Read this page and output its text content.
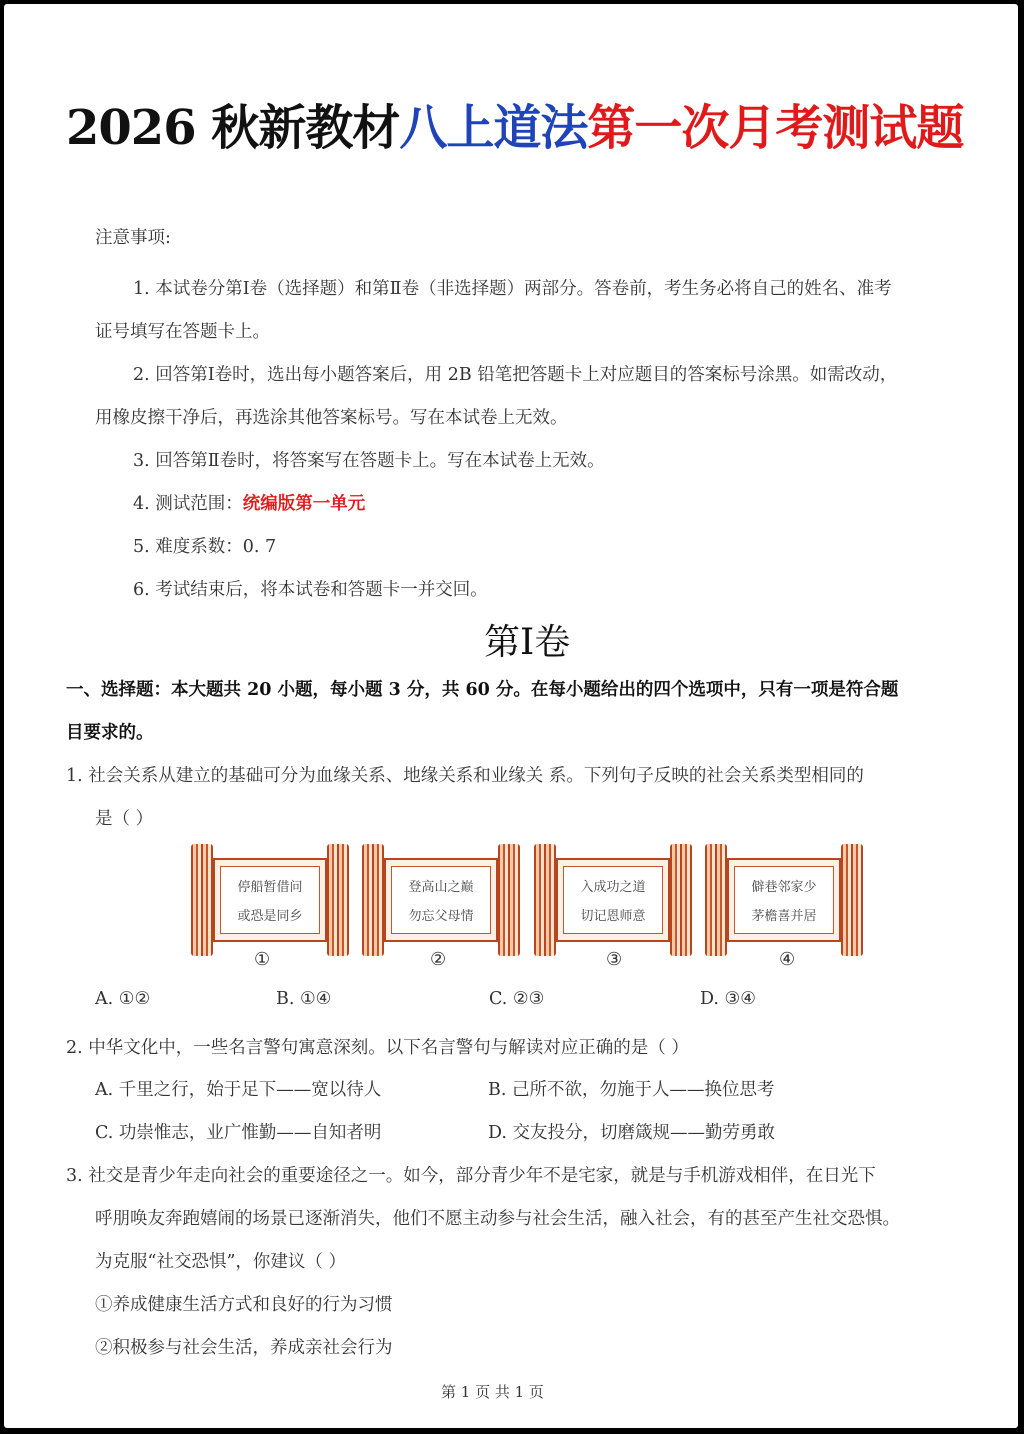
2026 秋新教材八上道法第一次月考测试题
注意事项:
1. 本试卷分第Ⅰ卷（选择题）和第Ⅱ卷（非选择题）两部分。答卷前，考生务必将自己的姓名、准考
证号填写在答题卡上。
2. 回答第Ⅰ卷时，选出每小题答案后，用 2B 铅笔把答题卡上对应题目的答案标号涂黑。如需改动，
用橡皮擦干净后，再选涂其他答案标号。写在本试卷上无效。
3. 回答第Ⅱ卷时，将答案写在答题卡上。写在本试卷上无效。
4. 测试范围：统编版第一单元
5. 难度系数：0. 7
6. 考试结束后，将本试卷和答题卡一并交回。
第Ⅰ卷
一、选择题：本大题共 20 小题，每小题 3 分，共 60 分。在每小题给出的四个选项中，只有一项是符合题
目要求的。
1. 社会关系从建立的基础可分为血缘关系、地缘关系和业缘关 系。下列句子反映的社会关系类型相同的
是（ ）
停船暂借问
或恐是同乡
①
登高山之巅
勿忘父母情
②
入成功之道
切记恩师意
③
僻巷邻家少
茅檐喜并居
④
A. ①②	B. ①④	C. ②③	D. ③④
2. 中华文化中，一些名言警句寓意深刻。以下名言警句与解读对应正确的是（ ）
A. 千里之行，始于足下——宽以待人	B. 己所不欲，勿施于人——换位思考
C. 功崇惟志，业广惟勤——自知者明	D. 交友投分，切磨箴规——勤劳勇敢
3. 社交是青少年走向社会的重要途径之一。如今，部分青少年不是宅家，就是与手机游戏相伴，在日光下
呼朋唤友奔跑嬉闹的场景已逐渐消失，他们不愿主动参与社会生活，融入社会，有的甚至产生社交恐惧。
为克服“社交恐惧”，你建议（ ）
①养成健康生活方式和良好的行为习惯
②积极参与社会生活，养成亲社会行为
第 1 页 共 1 页
